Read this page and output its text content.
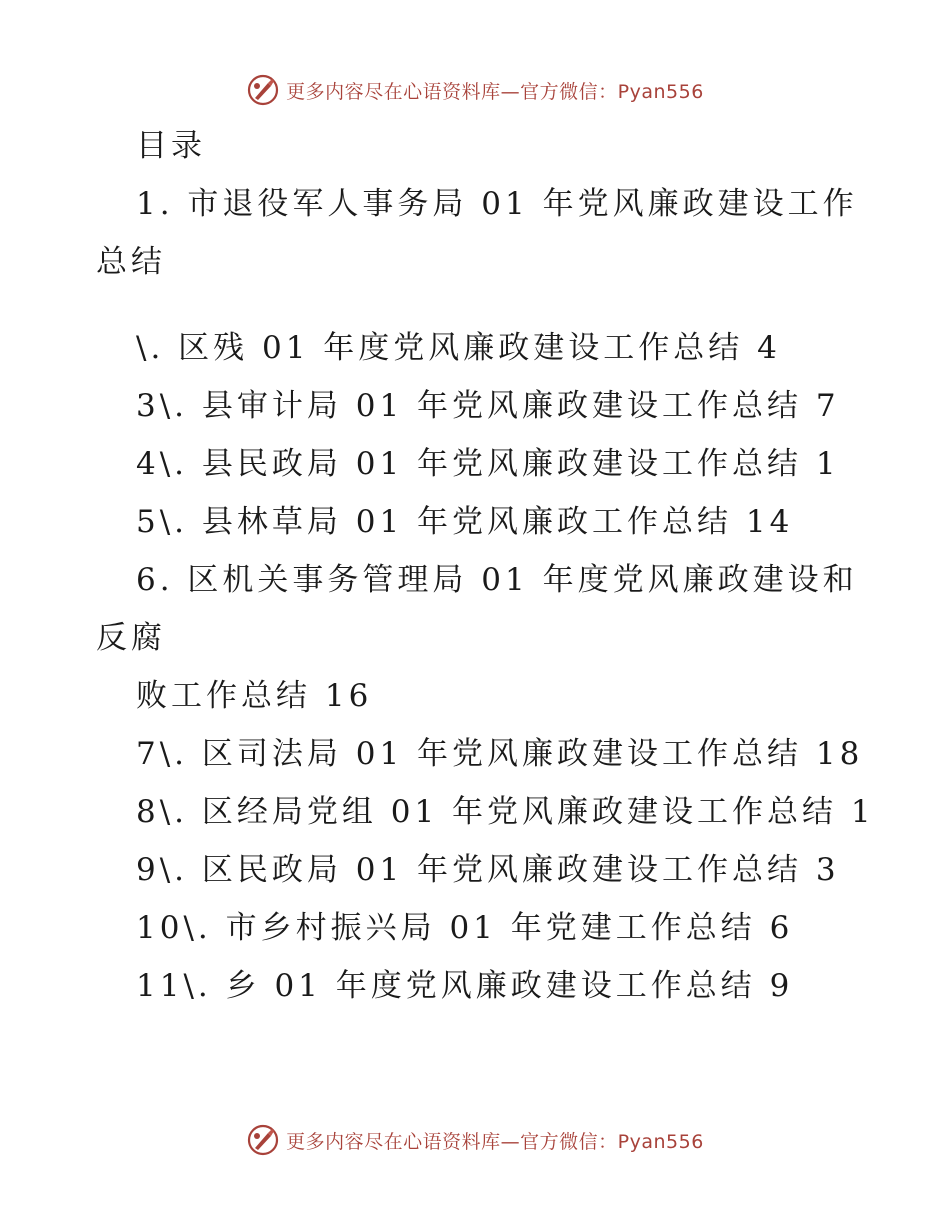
更多内容尽在心语资料库—官方微信：Pyan556
目录
1. 市退役军人事务局 01 年党风廉政建设工作
总结
\. 区残 01 年度党风廉政建设工作总结 4
3\. 县审计局 01 年党风廉政建设工作总结 7
4\. 县民政局 01 年党风廉政建设工作总结 1
5\. 县林草局 01 年党风廉政工作总结 14
6. 区机关事务管理局 01 年度党风廉政建设和
反腐
败工作总结 16
7\. 区司法局 01 年党风廉政建设工作总结 18
8\. 区经局党组 01 年党风廉政建设工作总结 1
9\. 区民政局 01 年党风廉政建设工作总结 3
10\. 市乡村振兴局 01 年党建工作总结 6
11\. 乡 01 年度党风廉政建设工作总结 9
更多内容尽在心语资料库—官方微信：Pyan556
